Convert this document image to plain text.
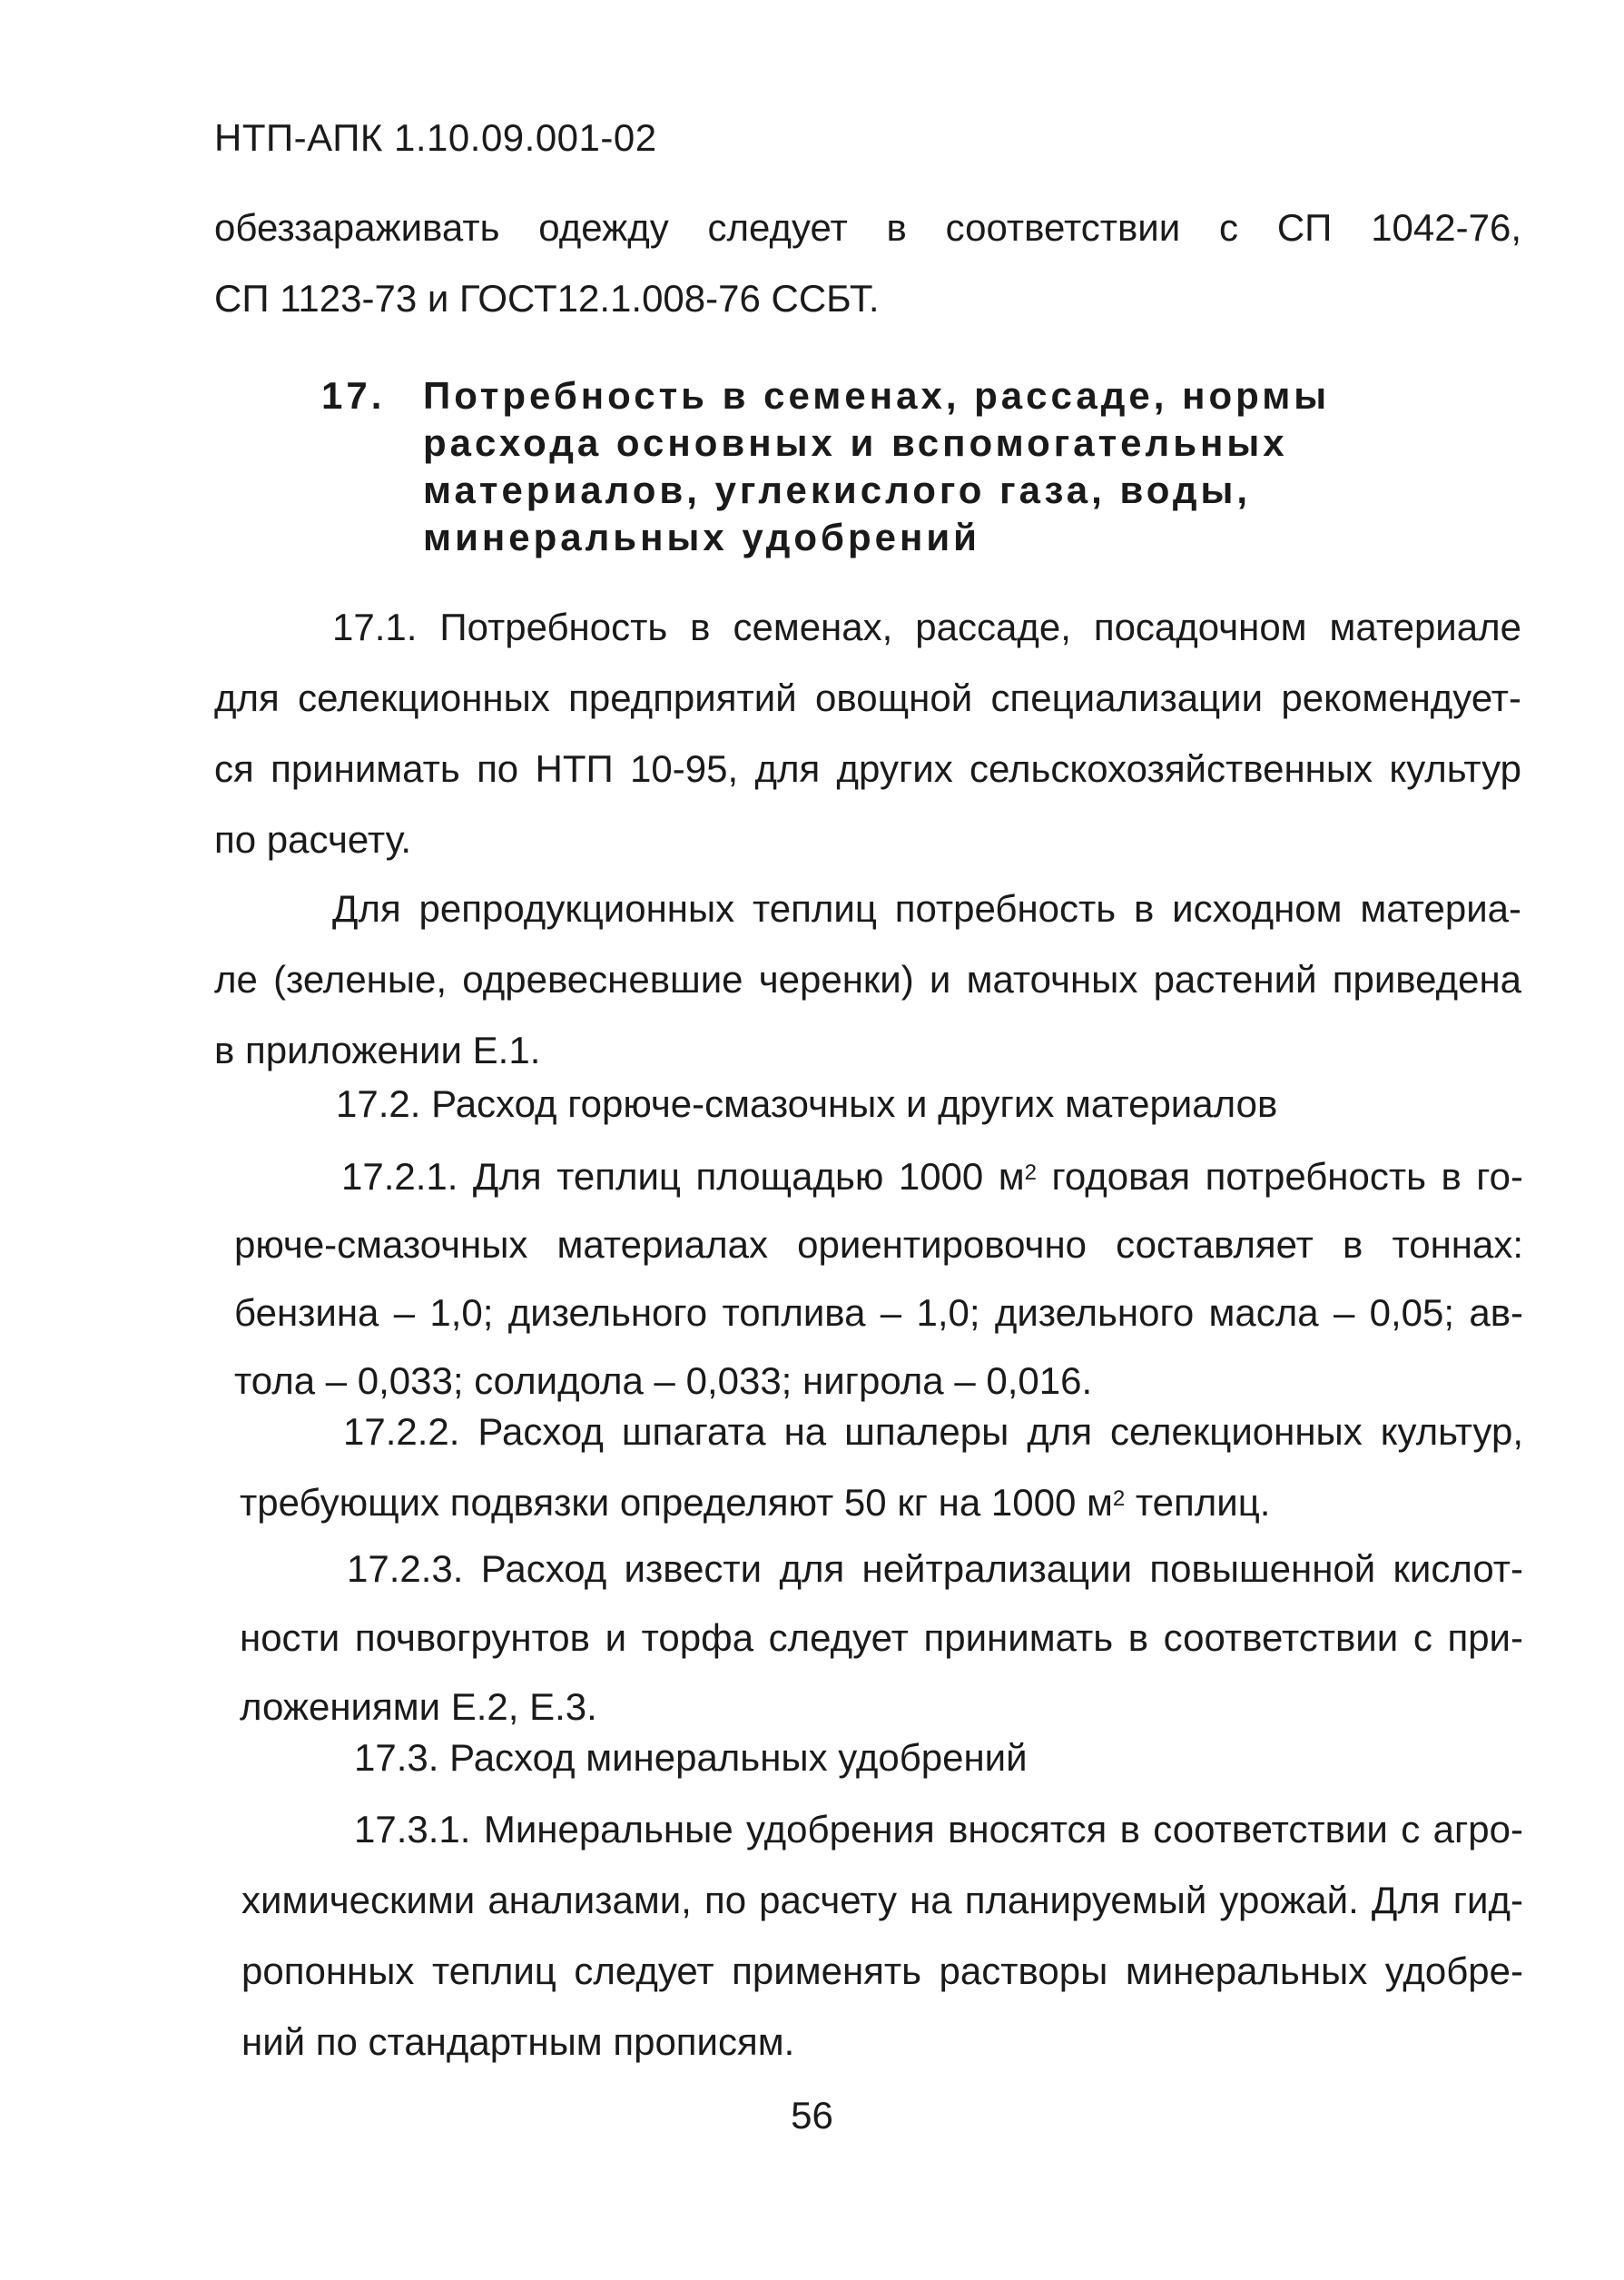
НТП-АПК 1.10.09.001-02
обеззараживать одежду следует в соответствии с СП 1042-76,
СП 1123-73 и ГОСТ12.1.008-76 ССБТ.
17. Потребность в семенах, рассаде, нормы
расхода основных и вспомогательных
материалов, углекислого газа, воды,
минеральных удобрений
17.1. Потребность в семенах, рассаде, посадочном материале
для селекционных предприятий овощной специализации рекомендует-
ся принимать по НТП 10-95, для других сельскохозяйственных культур
по расчету.
Для репродукционных теплиц потребность в исходном материа-
ле (зеленые, одревесневшие черенки) и маточных растений приведена
в приложении Е.1.
17.2. Расход горюче-смазочных и других материалов
17.2.1. Для теплиц площадью 1000 $м^2$ годовая потребность в го-
рюче-смазочных материалах ориентировочно составляет в тоннах:
бензина – 1,0; дизельного топлива – 1,0; дизельного масла – 0,05; ав-
тола – 0,033; солидола – 0,033; нигрола – 0,016.
17.2.2. Расход шпагата на шпалеры для селекционных культур,
требующих подвязки определяют 50 кг на 1000 $м^2$ теплиц.
17.2.3. Расход извести для нейтрализации повышенной кислот-
ности почвогрунтов и торфа следует принимать в соответствии с при-
ложениями Е.2, Е.3.
17.3. Расход минеральных удобрений
17.3.1. Минеральные удобрения вносятся в соответствии с агро-
химическими анализами, по расчету на планируемый урожай. Для гид-
ропонных теплиц следует применять растворы минеральных удобре-
ний по стандартным прописям.
56
